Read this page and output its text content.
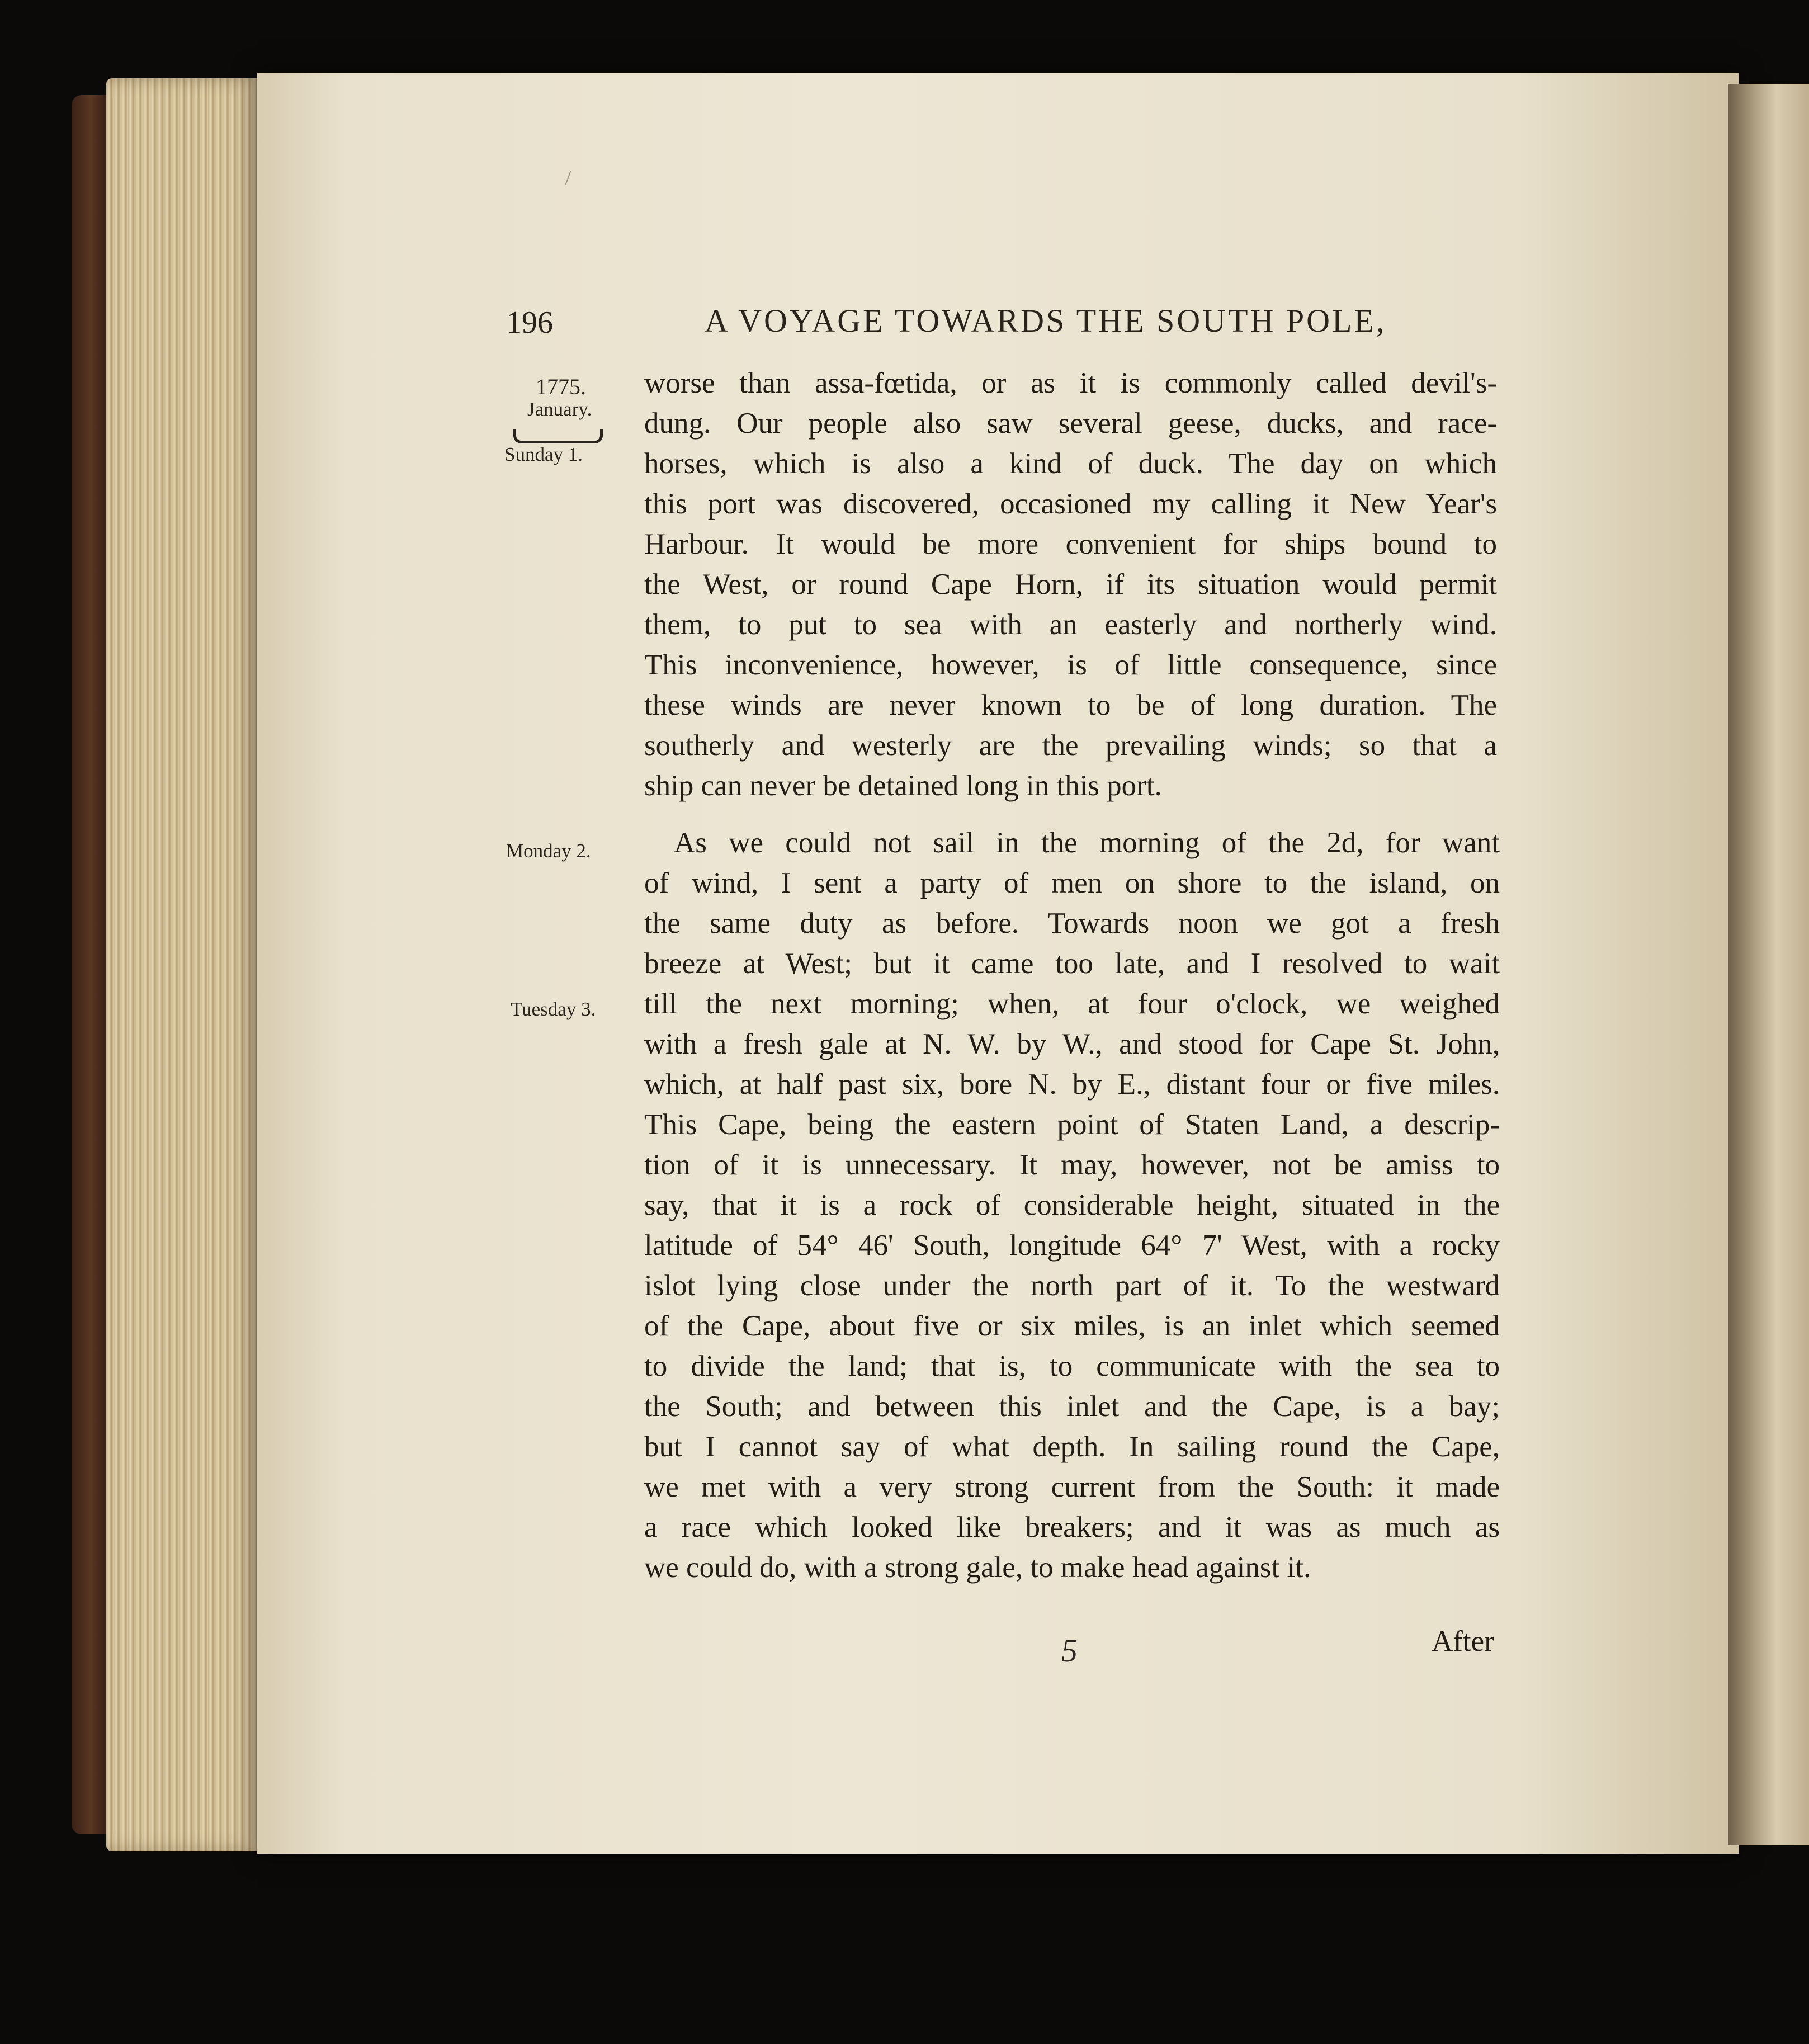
196	A VOYAGE TOWARDS THE SOUTH POLE,
1775.
January.
Sunday 1.
Monday 2.
Tuesday 3.
worse than assa-fœtida, or as it is commonly called devil's-
dung. Our people also saw several geese, ducks, and race-
horses, which is also a kind of duck. The day on which
this port was discovered, occasioned my calling it New Year's
Harbour. It would be more convenient for ships bound to
the West, or round Cape Horn, if its situation would permit
them, to put to sea with an easterly and northerly wind.
This inconvenience, however, is of little consequence, since
these winds are never known to be of long duration. The
southerly and westerly are the prevailing winds; so that a
ship can never be detained long in this port.
As we could not sail in the morning of the 2d, for want
of wind, I sent a party of men on shore to the island, on
the same duty as before. Towards noon we got a fresh
breeze at West; but it came too late, and I resolved to wait
till the next morning; when, at four o'clock, we weighed
with a fresh gale at N. W. by W., and stood for Cape St. John,
which, at half past six, bore N. by E., distant four or five miles.
This Cape, being the eastern point of Staten Land, a descrip-
tion of it is unnecessary. It may, however, not be amiss to
say, that it is a rock of considerable height, situated in the
latitude of 54° 46' South, longitude 64° 7' West, with a rocky
islot lying close under the north part of it. To the westward
of the Cape, about five or six miles, is an inlet which seemed
to divide the land; that is, to communicate with the sea to
the South; and between this inlet and the Cape, is a bay;
but I cannot say of what depth. In sailing round the Cape,
we met with a very strong current from the South: it made
a race which looked like breakers; and it was as much as
we could do, with a strong gale, to make head against it.
5	After
